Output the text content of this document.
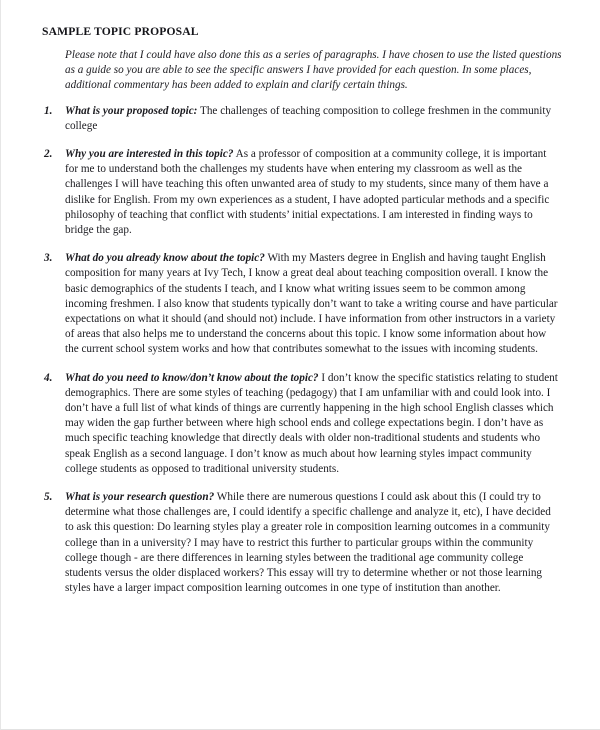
SAMPLE TOPIC PROPOSAL

Please note that I could have also done this as a series of paragraphs. I have chosen to use the listed questions as a guide so you are able to see the specific answers I have provided for each question. In some places, additional commentary has been added to explain and clarify certain things.

1.	What is your proposed topic: The challenges of teaching composition to college freshmen in the community college
2.	Why you are interested in this topic? As a professor of composition at a community college, it is important for me to understand both the challenges my students have when entering my classroom as well as the challenges I will have teaching this often unwanted area of study to my students, since many of them have a dislike for English. From my own experiences as a student, I have adopted particular methods and a specific philosophy of teaching that conflict with students’ initial expectations. I am interested in finding ways to bridge the gap.
3.	What do you already know about the topic? With my Masters degree in English and having taught English composition for many years at Ivy Tech, I know a great deal about teaching composition overall. I know the basic demographics of the students I teach, and I know what writing issues seem to be common among incoming freshmen. I also know that students typically don’t want to take a writing course and have particular expectations on what it should (and should not) include. I have information from other instructors in a variety of areas that also helps me to understand the concerns about this topic. I know some information about how the current school system works and how that contributes somewhat to the issues with incoming students.
4.	What do you need to know/don’t know about the topic? I don’t know the specific statistics relating to student demographics. There are some styles of teaching (pedagogy) that I am unfamiliar with and could look into. I don’t have a full list of what kinds of things are currently happening in the high school English classes which may widen the gap further between where high school ends and college expectations begin. I don’t have as much specific teaching knowledge that directly deals with older non-traditional students and students who speak English as a second language. I don’t know as much about how learning styles impact community college students as opposed to traditional university students.
5.	What is your research question? While there are numerous questions I could ask about this (I could try to determine what those challenges are, I could identify a specific challenge and analyze it, etc), I have decided to ask this question: Do learning styles play a greater role in composition learning outcomes in a community college than in a university? I may have to restrict this further to particular groups within the community college though - are there differences in learning styles between the traditional age community college students versus the older displaced workers? This essay will try to determine whether or not those learning styles have a larger impact composition learning outcomes in one type of institution than another.
